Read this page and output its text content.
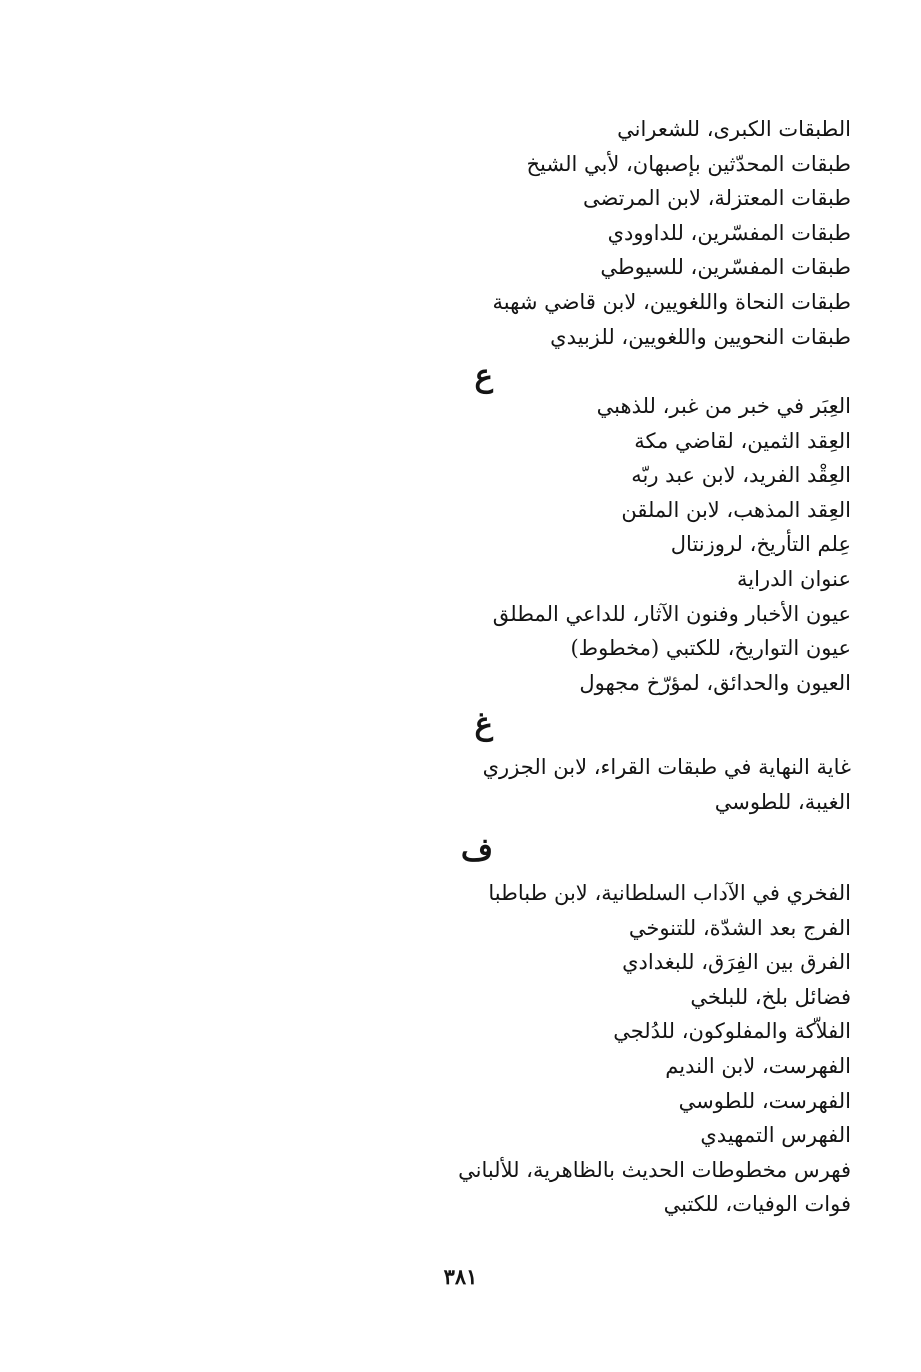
الطبقات الكبرى، للشعراني
طبقات المحدّثين بإصبهان، لأبي الشيخ
طبقات المعتزلة، لابن المرتضى
طبقات المفسّرين، للداوودي
طبقات المفسّرين، للسيوطي
طبقات النحاة واللغويين، لابن قاضي شهبة
طبقات النحويين واللغويين، للزبيدي
ع
العِبَر في خبر من غبر، للذهبي
العِقد الثمين، لقاضي مكة
العِقْد الفريد، لابن عبد ربّه
العِقد المذهب، لابن الملقن
عِلم التأريخ، لروزنتال
عنوان الدراية
عيون الأخبار وفنون الآثار، للداعي المطلق
عيون التواريخ، للكتبي (مخطوط)
العيون والحدائق، لمؤرّخ مجهول
غ
غاية النهاية في طبقات القراء، لابن الجزري
الغيبة، للطوسي
ف
الفخري في الآداب السلطانية، لابن طباطبا
الفرج بعد الشدّة، للتنوخي
الفرق بين الفِرَق، للبغدادي
فضائل بلخ، للبلخي
الفلاّكة والمفلوكون، للدُلجي
الفهرست، لابن النديم
الفهرست، للطوسي
الفهرس التمهيدي
فهرس مخطوطات الحديث بالظاهرية، للألباني
فوات الوفيات، للكتبي
٣٨١
